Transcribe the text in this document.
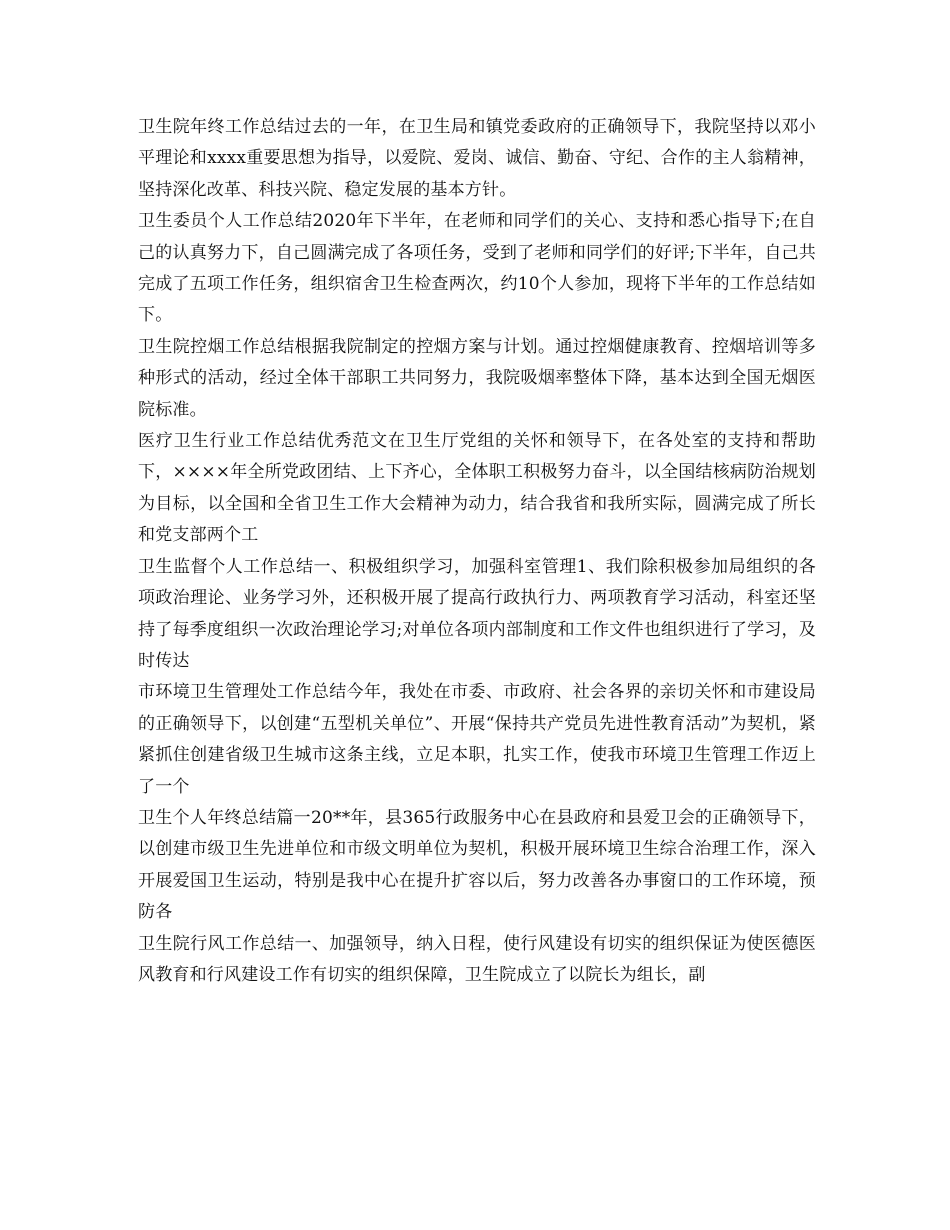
卫生院年终工作总结过去的一年，在卫生局和镇党委政府的正确领导下，我院坚持以邓小平理论和xxxx重要思想为指导，以爱院、爱岗、诚信、勤奋、守纪、合作的主人翁精神，坚持深化改革、科技兴院、稳定发展的基本方针。

卫生委员个人工作总结2020年下半年，在老师和同学们的关心、支持和悉心指导下;在自己的认真努力下，自己圆满完成了各项任务，受到了老师和同学们的好评;下半年，自己共完成了五项工作任务，组织宿舍卫生检查两次，约10个人参加，现将下半年的工作总结如下。

卫生院控烟工作总结根据我院制定的控烟方案与计划。通过控烟健康教育、控烟培训等多种形式的活动，经过全体干部职工共同努力，我院吸烟率整体下降，基本达到全国无烟医院标准。

医疗卫生行业工作总结优秀范文在卫生厅党组的关怀和领导下，在各处室的支持和帮助下，××××年全所党政团结、上下齐心，全体职工积极努力奋斗，以全国结核病防治规划为目标，以全国和全省卫生工作大会精神为动力，结合我省和我所实际，圆满完成了所长和党支部两个工

卫生监督个人工作总结一、积极组织学习，加强科室管理1、我们除积极参加局组织的各项政治理论、业务学习外，还积极开展了提高行政执行力、两项教育学习活动，科室还坚持了每季度组织一次政治理论学习;对单位各项内部制度和工作文件也组织进行了学习，及时传达

市环境卫生管理处工作总结今年，我处在市委、市政府、社会各界的亲切关怀和市建设局的正确领导下，以创建“五型机关单位”、开展“保持共产党员先进性教育活动”为契机，紧紧抓住创建省级卫生城市这条主线，立足本职，扎实工作，使我市环境卫生管理工作迈上了一个

卫生个人年终总结篇一20**年，县365行政服务中心在县政府和县爱卫会的正确领导下，以创建市级卫生先进单位和市级文明单位为契机，积极开展环境卫生综合治理工作，深入开展爱国卫生运动，特别是我中心在提升扩容以后，努力改善各办事窗口的工作环境，预防各

卫生院行风工作总结一、加强领导，纳入日程，使行风建设有切实的组织保证为使医德医风教育和行风建设工作有切实的组织保障，卫生院成立了以院长为组长，副
